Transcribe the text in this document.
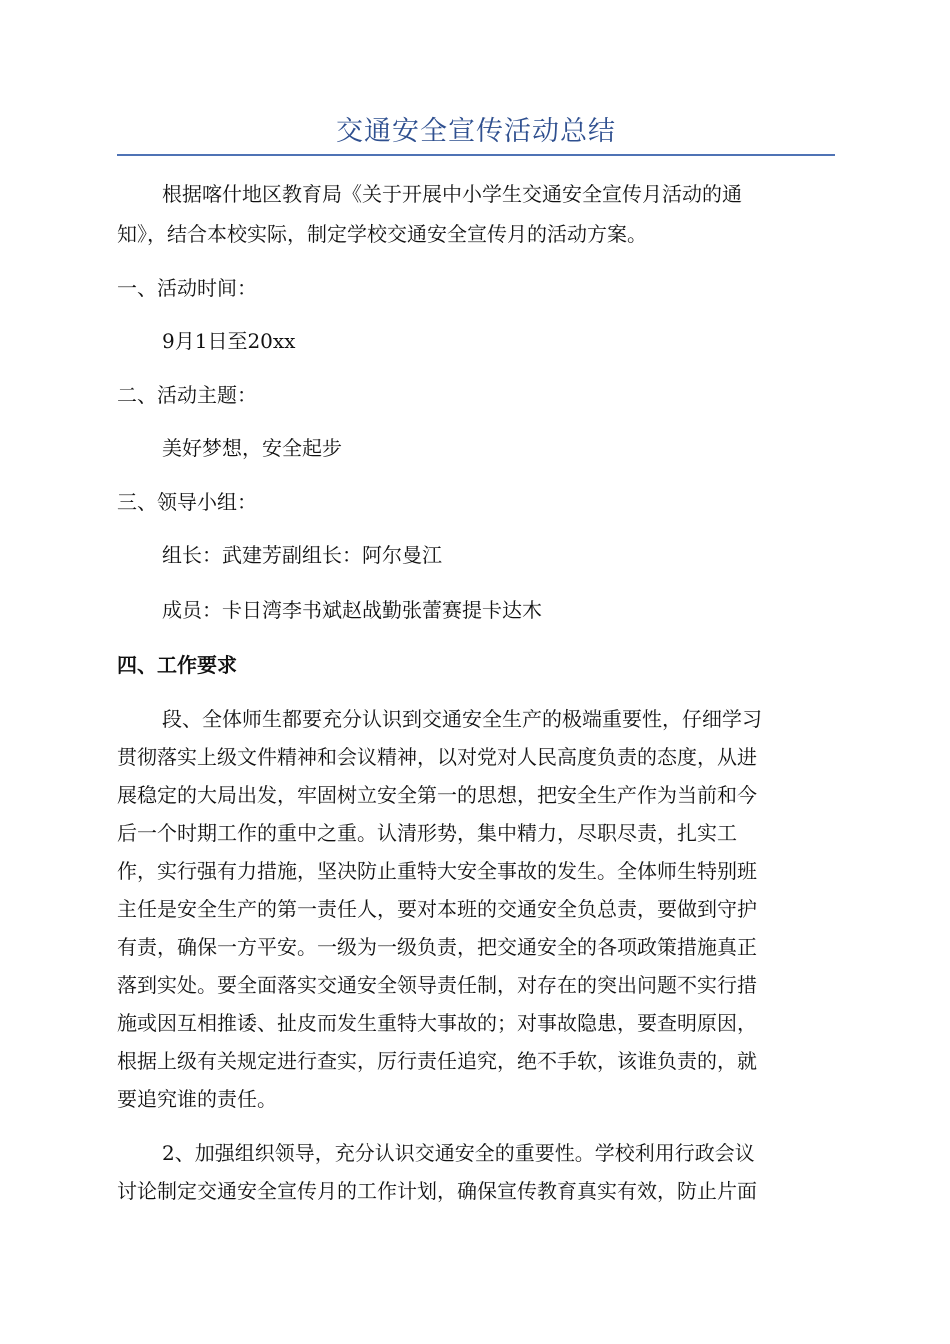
交通安全宣传活动总结
根据喀什地区教育局《关于开展中小学生交通安全宣传月活动的通
知》，结合本校实际，制定学校交通安全宣传月的活动方案。
一、活动时间：
9月1日至20xx
二、活动主题：
美好梦想，安全起步
三、领导小组：
组长：武建芳副组长：阿尔曼江
成员：卡日湾李书斌赵战勤张蕾赛提卡达木
四、工作要求
段、全体师生都要充分认识到交通安全生产的极端重要性，仔细学习
贯彻落实上级文件精神和会议精神，以对党对人民高度负责的态度，从进
展稳定的大局出发，牢固树立安全第一的思想，把安全生产作为当前和今
后一个时期工作的重中之重。认清形势，集中精力，尽职尽责，扎实工
作，实行强有力措施，坚决防止重特大安全事故的发生。全体师生特别班
主任是安全生产的第一责任人，要对本班的交通安全负总责，要做到守护
有责，确保一方平安。一级为一级负责，把交通安全的各项政策措施真正
落到实处。要全面落实交通安全领导责任制，对存在的突出问题不实行措
施或因互相推诿、扯皮而发生重特大事故的；对事故隐患，要查明原因，
根据上级有关规定进行查实，厉行责任追究，绝不手软，该谁负责的，就
要追究谁的责任。
2、加强组织领导，充分认识交通安全的重要性。学校利用行政会议
讨论制定交通安全宣传月的工作计划，确保宣传教育真实有效，防止片面
